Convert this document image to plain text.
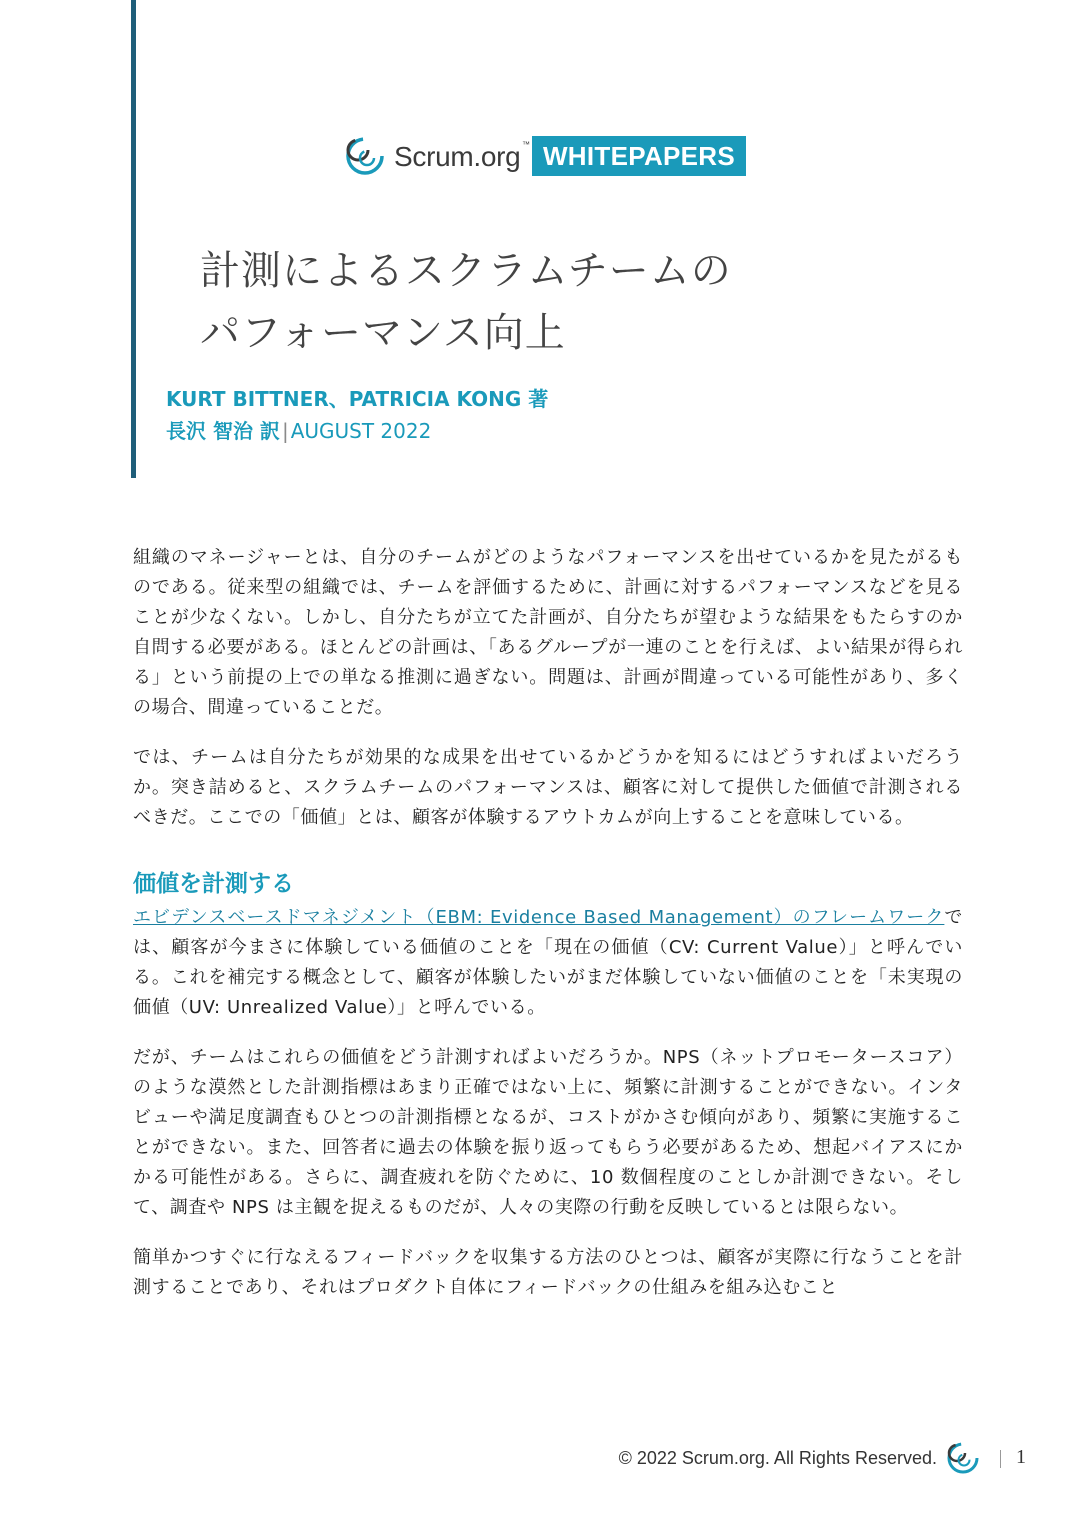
Scrum.org ™ WHITEPAPERS
計測によるスクラムチームの
パフォーマンス向上
KURT BITTNER、PATRICIA KONG 著
長沢 智治 訳 | AUGUST 2022

組織のマネージャーとは、自分のチームがどのようなパフォーマンスを出せているかを見たがるものである。従来型の組織では、チームを評価するために、計画に対するパフォーマンスなどを見ることが少なくない。しかし、自分たちが立てた計画が、自分たちが望むような結果をもたらすのか自問する必要がある。ほとんどの計画は、「あるグループが一連のことを行えば、よい結果が得られる」という前提の上での単なる推測に過ぎない。問題は、計画が間違っている可能性があり、多くの場合、間違っていることだ。

では、チームは自分たちが効果的な成果を出せているかどうかを知るにはどうすればよいだろうか。突き詰めると、スクラムチームのパフォーマンスは、顧客に対して提供した価値で計測されるべきだ。ここでの「価値」とは、顧客が体験するアウトカムが向上することを意味している。

価値を計測する

エビデンスベースドマネジメント（EBM: Evidence Based Management）のフレームワークでは、顧客が今まさに体験している価値のことを「現在の価値（CV: Current Value）」と呼んでいる。これを補完する概念として、顧客が体験したいがまだ体験していない価値のことを「未実現の価値（UV: Unrealized Value）」と呼んでいる。

だが、チームはこれらの価値をどう計測すればよいだろうか。NPS（ネットプロモータースコア）のような漠然とした計測指標はあまり正確ではない上に、頻繁に計測することができない。インタビューや満足度調査もひとつの計測指標となるが、コストがかさむ傾向があり、頻繁に実施することができない。また、回答者に過去の体験を振り返ってもらう必要があるため、想起バイアスにかかる可能性がある。さらに、調査疲れを防ぐために、10 数個程度のことしか計測できない。そして、調査や NPS は主観を捉えるものだが、人々の実際の行動を反映しているとは限らない。

簡単かつすぐに行なえるフィードバックを収集する方法のひとつは、顧客が実際に行なうことを計測することであり、それはプロダクト自体にフィードバックの仕組みを組み込むこと

© 2022 Scrum.org. All Rights Reserved.	1
